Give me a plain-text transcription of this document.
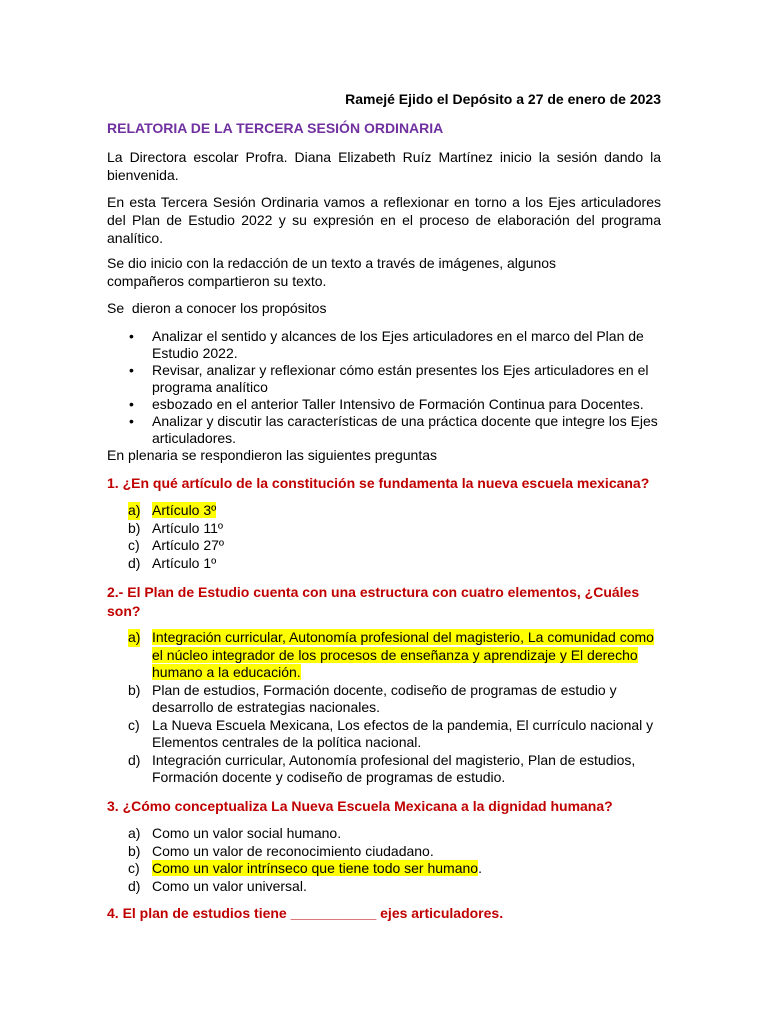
Ramejé Ejido el Depósito a 27 de enero de 2023
RELATORIA DE LA TERCERA SESIÓN ORDINARIA

La Directora escolar Profra. Diana Elizabeth Ruíz Martínez inicio la sesión dando la bienvenida.

En esta Tercera Sesión Ordinaria vamos a reflexionar en torno a los Ejes articuladores del Plan de Estudio 2022 y su expresión en el proceso de elaboración del programa analítico.

Se dio inicio con la redacción de un texto a través de imágenes, algunos compañeros compartieron su texto.

Se  dieron a conocer los propósitos

• Analizar el sentido y alcances de los Ejes articuladores en el marco del Plan de Estudio 2022.
• Revisar, analizar y reflexionar cómo están presentes los Ejes articuladores en el programa analítico
• esbozado en el anterior Taller Intensivo de Formación Continua para Docentes.
• Analizar y discutir las características de una práctica docente que integre los Ejes articuladores.

En plenaria se respondieron las siguientes preguntas

1. ¿En qué artículo de la constitución se fundamenta la nueva escuela mexicana?
a) Artículo 3º
b) Artículo 11º
c) Artículo 27º
d) Artículo 1º
2.- El Plan de Estudio cuenta con una estructura con cuatro elementos, ¿Cuáles son?
a) Integración curricular, Autonomía profesional del magisterio, La comunidad como el núcleo integrador de los procesos de enseñanza y aprendizaje y El derecho humano a la educación.
b) Plan de estudios, Formación docente, codiseño de programas de estudio y desarrollo de estrategias nacionales.
c) La Nueva Escuela Mexicana, Los efectos de la pandemia, El currículo nacional y Elementos centrales de la política nacional.
d) Integración curricular, Autonomía profesional del magisterio, Plan de estudios, Formación docente y codiseño de programas de estudio.
3. ¿Cómo conceptualiza La Nueva Escuela Mexicana a la dignidad humana?
a) Como un valor social humano.
b) Como un valor de reconocimiento ciudadano.
c) Como un valor intrínseco que tiene todo ser humano.
d) Como un valor universal.
4. El plan de estudios tiene ___________ ejes articuladores.
